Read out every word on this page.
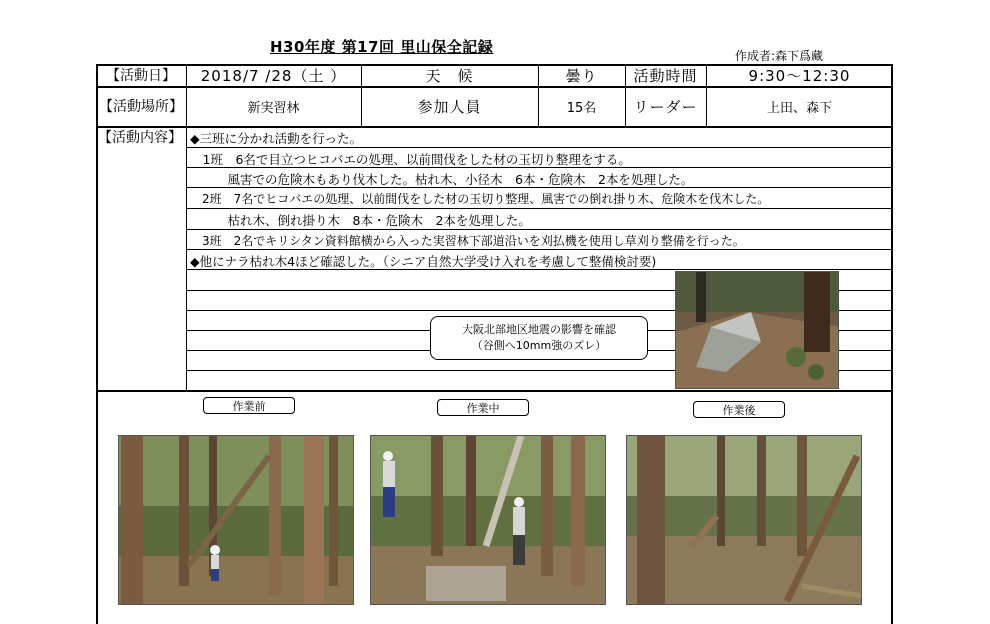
H30年度 第17回 里山保全記録	作成者:森下爲藏
【活動日】	2018/7 /28（土 ）	天　候	曇り	活動時間	9:30～12:30
【活動場所】	新実習林	参加人員	15名	リーダー	上田、森下
【活動内容】 ◆三班に分かれ活動を行った。
　1班　6名で目立つヒコバエの処理、以前間伐をした材の玉切り整理をする。
　　　風害での危険木もあり伐木した。枯れ木、小径木　6本・危険木　2本を処理した。
　2班　7名でヒコバエの処理、以前間伐をした材の玉切り整理、風害での倒れ掛り木、危険木を伐木した。
　　　枯れ木、倒れ掛り木　8本・危険木　2本を処理した。
　3班　2名でキリシタン資料館横から入った実習林下部道沿いを刈払機を使用し草刈り整備を行った。
◆他にナラ枯れ木4ほど確認した。（シニア自然大学受け入れを考慮して整備検討要)
大阪北部地区地震の影響を確認
（谷側へ10mm強のズレ）
作業前	作業中	作業後
